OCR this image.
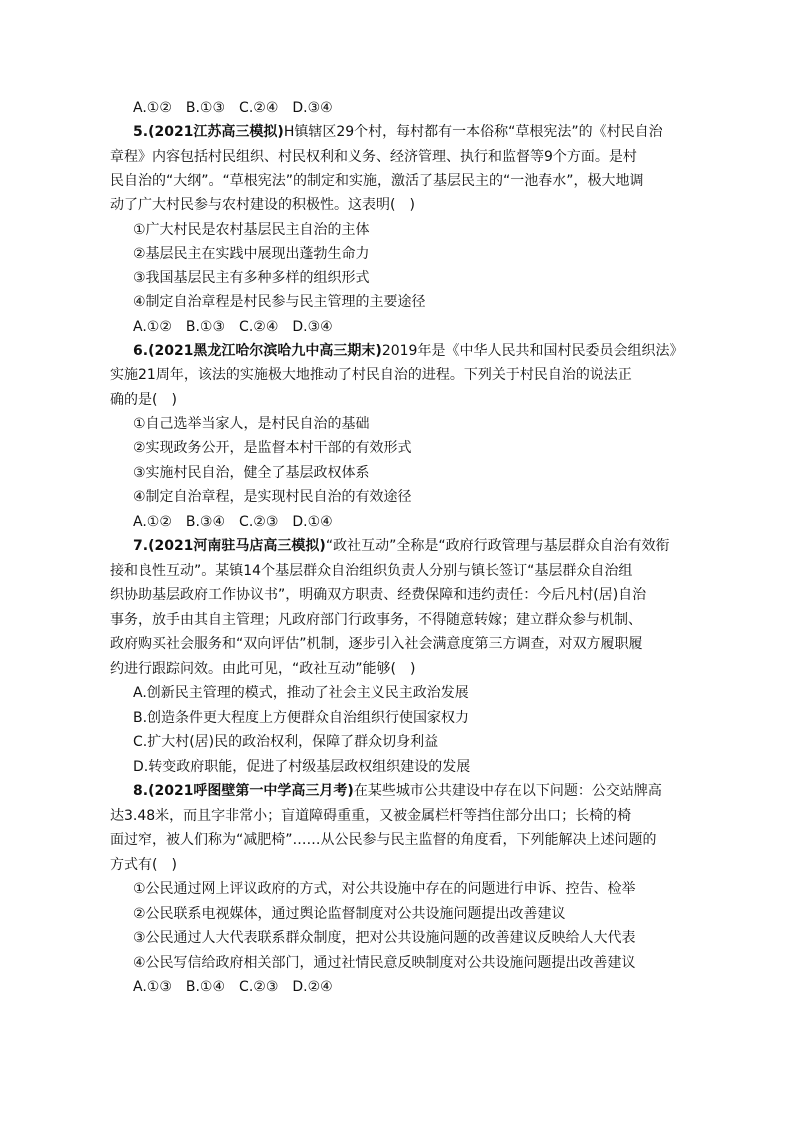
A.①②　B.①③　C.②④　D.③④
5.(2021江苏高三模拟)H镇辖区29个村，每村都有一本俗称“草根宪法”的《村民自治
章程》内容包括村民组织、村民权利和义务、经济管理、执行和监督等9个方面。是村
民自治的“大纲”。“草根宪法”的制定和实施，激活了基层民主的“一池春水”，极大地调
动了广大村民参与农村建设的积极性。这表明(　)
①广大村民是农村基层民主自治的主体
②基层民主在实践中展现出蓬勃生命力
③我国基层民主有多种多样的组织形式
④制定自治章程是村民参与民主管理的主要途径
A.①②　B.①③　C.②④　D.③④
6.(2021黑龙江哈尔滨哈九中高三期末)2019年是《中华人民共和国村民委员会组织法》
实施21周年，该法的实施极大地推动了村民自治的进程。下列关于村民自治的说法正
确的是(　)
①自己选举当家人，是村民自治的基础
②实现政务公开，是监督本村干部的有效形式
③实施村民自治，健全了基层政权体系
④制定自治章程，是实现村民自治的有效途径
A.①②　B.③④　C.②③　D.①④
7.(2021河南驻马店高三模拟)“政社互动”全称是“政府行政管理与基层群众自治有效衔
接和良性互动”。某镇14个基层群众自治组织负责人分别与镇长签订“基层群众自治组
织协助基层政府工作协议书”，明确双方职责、经费保障和违约责任：今后凡村(居)自治
事务，放手由其自主管理；凡政府部门行政事务，不得随意转嫁；建立群众参与机制、
政府购买社会服务和“双向评估”机制，逐步引入社会满意度第三方调查，对双方履职履
约进行跟踪问效。由此可见，“政社互动”能够(　)
A.创新民主管理的模式，推动了社会主义民主政治发展
B.创造条件更大程度上方便群众自治组织行使国家权力
C.扩大村(居)民的政治权利，保障了群众切身利益
D.转变政府职能，促进了村级基层政权组织建设的发展
8.(2021呼图壁第一中学高三月考)在某些城市公共建设中存在以下问题：公交站牌高
达3.48米，而且字非常小；盲道障碍重重，又被金属栏杆等挡住部分出口；长椅的椅
面过窄，被人们称为“减肥椅”……从公民参与民主监督的角度看，下列能解决上述问题的
方式有(　)
①公民通过网上评议政府的方式，对公共设施中存在的问题进行申诉、控告、检举
②公民联系电视媒体，通过舆论监督制度对公共设施问题提出改善建议
③公民通过人大代表联系群众制度，把对公共设施问题的改善建议反映给人大代表
④公民写信给政府相关部门，通过社情民意反映制度对公共设施问题提出改善建议
A.①③　B.①④　C.②③　D.②④
